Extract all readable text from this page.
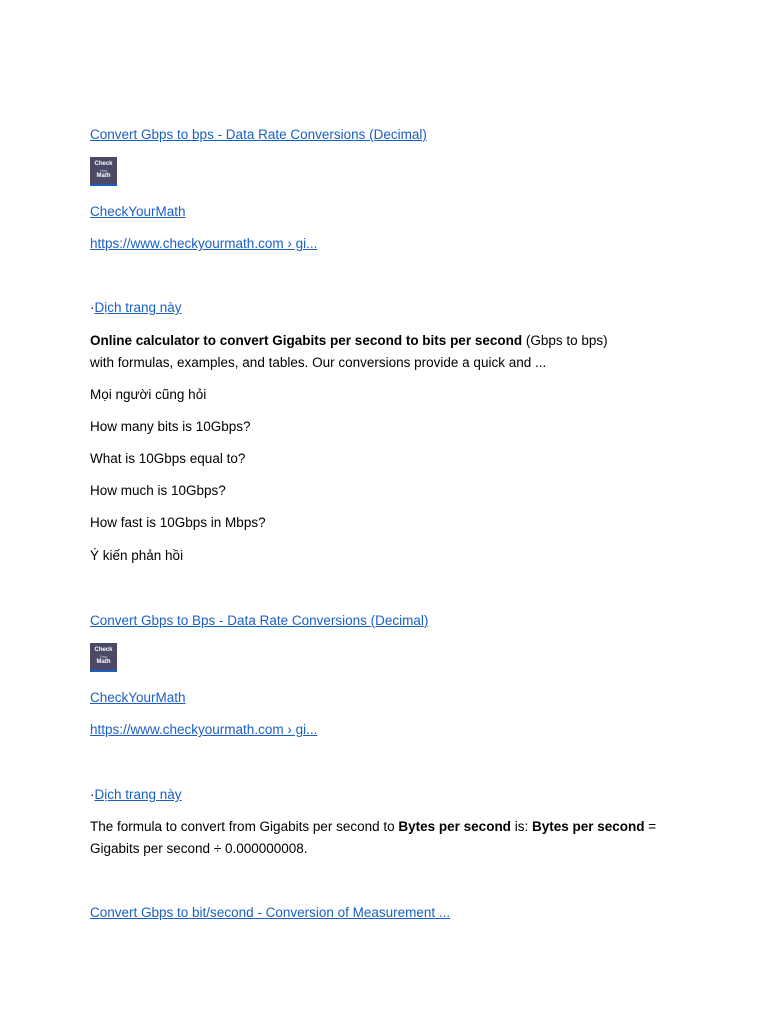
Convert Gbps to bps - Data Rate Conversions (Decimal)
Check
Your
Math
CheckYourMath
https://www.checkyourmath.com › gi...
·Dịch trang này
Online calculator to convert Gigabits per second to bits per second (Gbps to bps) with formulas, examples, and tables. Our conversions provide a quick and ...
Mọi người cũng hỏi
How many bits is 10Gbps?
What is 10Gbps equal to?
How much is 10Gbps?
How fast is 10Gbps in Mbps?
Ý kiến phản hồi
Convert Gbps to Bps - Data Rate Conversions (Decimal)
Check
Your
Math
CheckYourMath
https://www.checkyourmath.com › gi...
·Dịch trang này
The formula to convert from Gigabits per second to Bytes per second is: Bytes per second = Gigabits per second ÷ 0.000000008.
Convert Gbps to bit/second - Conversion of Measurement ...
